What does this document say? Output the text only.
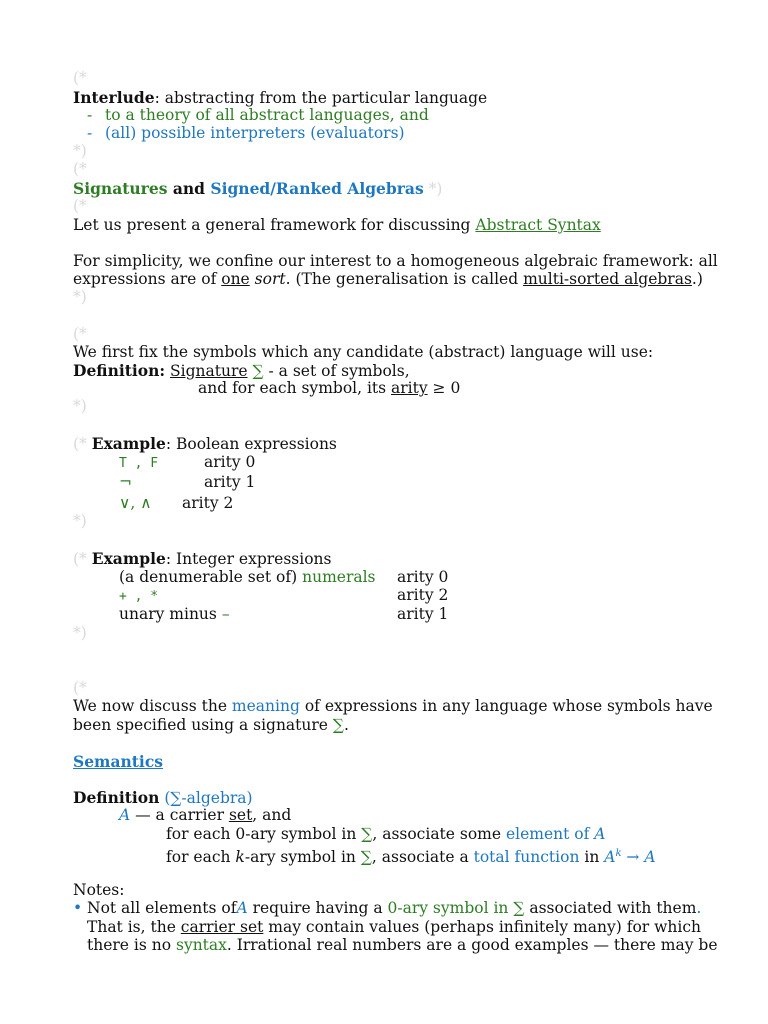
(*
Interlude: abstracting from the particular language
- to a theory of all abstract languages, and
- (all) possible interpreters (evaluators)
*)
(*
Signatures and Signed/Ranked Algebras *)
(*
Let us present a general framework for discussing Abstract Syntax
For simplicity, we confine our interest to a homogeneous algebraic framework: all
expressions are of one sort. (The generalisation is called multi-sorted algebras.)
*)
(*
We first fix the symbols which any candidate (abstract) language will use:
Definition: Signature ∑ - a set of symbols,
and for each symbol, its arity ≥ 0
*)
(* Example: Boolean expressions
T , F	arity 0
¬	arity 1
∨, ∧ arity 2
*)
(* Example: Integer expressions
(a denumerable set of) numerals arity 0
+ , *	arity 2
unary minus –	arity 1
*)
(*
We now discuss the meaning of expressions in any language whose symbols have
been specified using a signature ∑.
Semantics
Definition (∑-algebra)
A — a carrier set, and
for each 0-ary symbol in ∑, associate some element of A
for each k-ary symbol in ∑, associate a total function in $A^k \to A$
Notes:
• Not all elements ofA require having a 0-ary symbol in ∑ associated with them.
That is, the carrier set may contain values (perhaps infinitely many) for which
there is no syntax. Irrational real numbers are a good examples — there may be
